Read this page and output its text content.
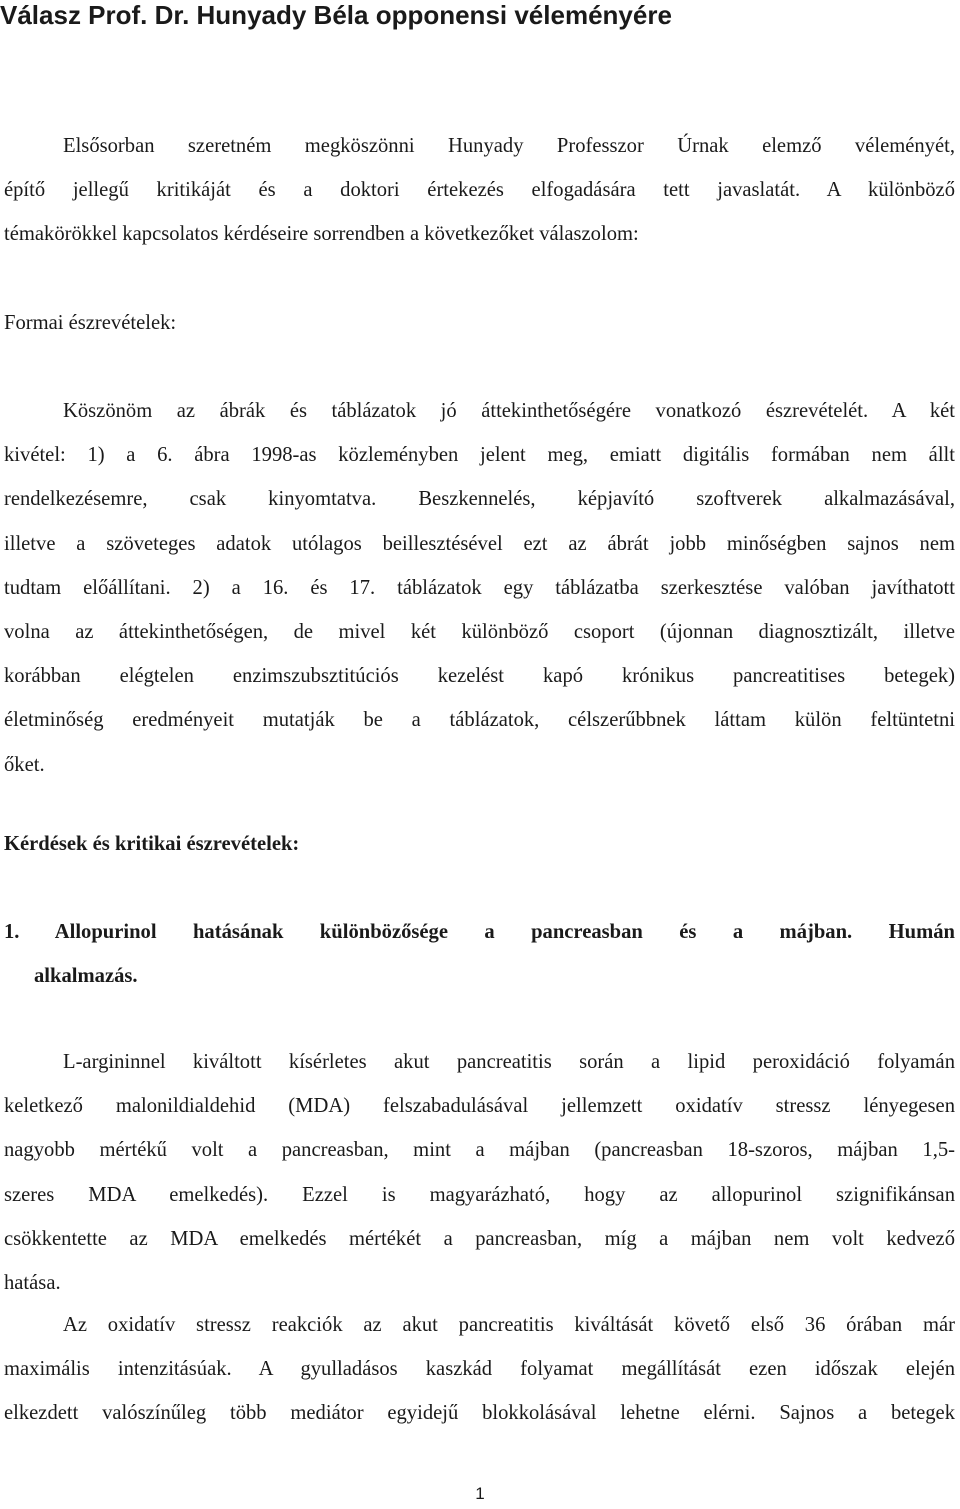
Válasz Prof. Dr. Hunyady Béla opponensi véleményére
Elsősorban szeretném megköszönni Hunyady Professzor Úrnak elemző véleményét,
építő jellegű kritikáját és a doktori értekezés elfogadására tett javaslatát. A különböző
témakörökkel kapcsolatos kérdéseire sorrendben a következőket válaszolom:
Formai észrevételek:
Köszönöm az ábrák és táblázatok jó áttekinthetőségére vonatkozó észrevételét. A két
kivétel: 1) a 6. ábra 1998-as közleményben jelent meg, emiatt digitális formában nem állt
rendelkezésemre, csak kinyomtatva. Beszkennelés, képjavító szoftverek alkalmazásával,
illetve a szöveteges adatok utólagos beillesztésével ezt az ábrát jobb minőségben sajnos nem
tudtam előállítani. 2) a 16. és 17. táblázatok egy táblázatba szerkesztése valóban javíthatott
volna az áttekinthetőségen, de mivel két különböző csoport (újonnan diagnosztizált, illetve
korábban elégtelen enzimszubsztitúciós kezelést kapó krónikus pancreatitises betegek)
életminőség eredményeit mutatják be a táblázatok, célszerűbbnek láttam külön feltüntetni
őket.
Kérdések és kritikai észrevételek:
1. Allopurinol hatásának különbözősége a pancreasban és a májban. Humán
alkalmazás.
L-argininnel kiváltott kísérletes akut pancreatitis során a lipid peroxidáció folyamán
keletkező malonildialdehid (MDA) felszabadulásával jellemzett oxidatív stressz lényegesen
nagyobb mértékű volt a pancreasban, mint a májban (pancreasban 18-szoros, májban 1,5-
szeres MDA emelkedés). Ezzel is magyarázható, hogy az allopurinol szignifikánsan
csökkentette az MDA emelkedés mértékét a pancreasban, míg a májban nem volt kedvező
hatása.
Az oxidatív stressz reakciók az akut pancreatitis kiváltását követő első 36 órában már
maximális intenzitásúak. A gyulladásos kaszkád folyamat megállítását ezen időszak elején
elkezdett valószínűleg több mediátor egyidejű blokkolásával lehetne elérni. Sajnos a betegek
1
